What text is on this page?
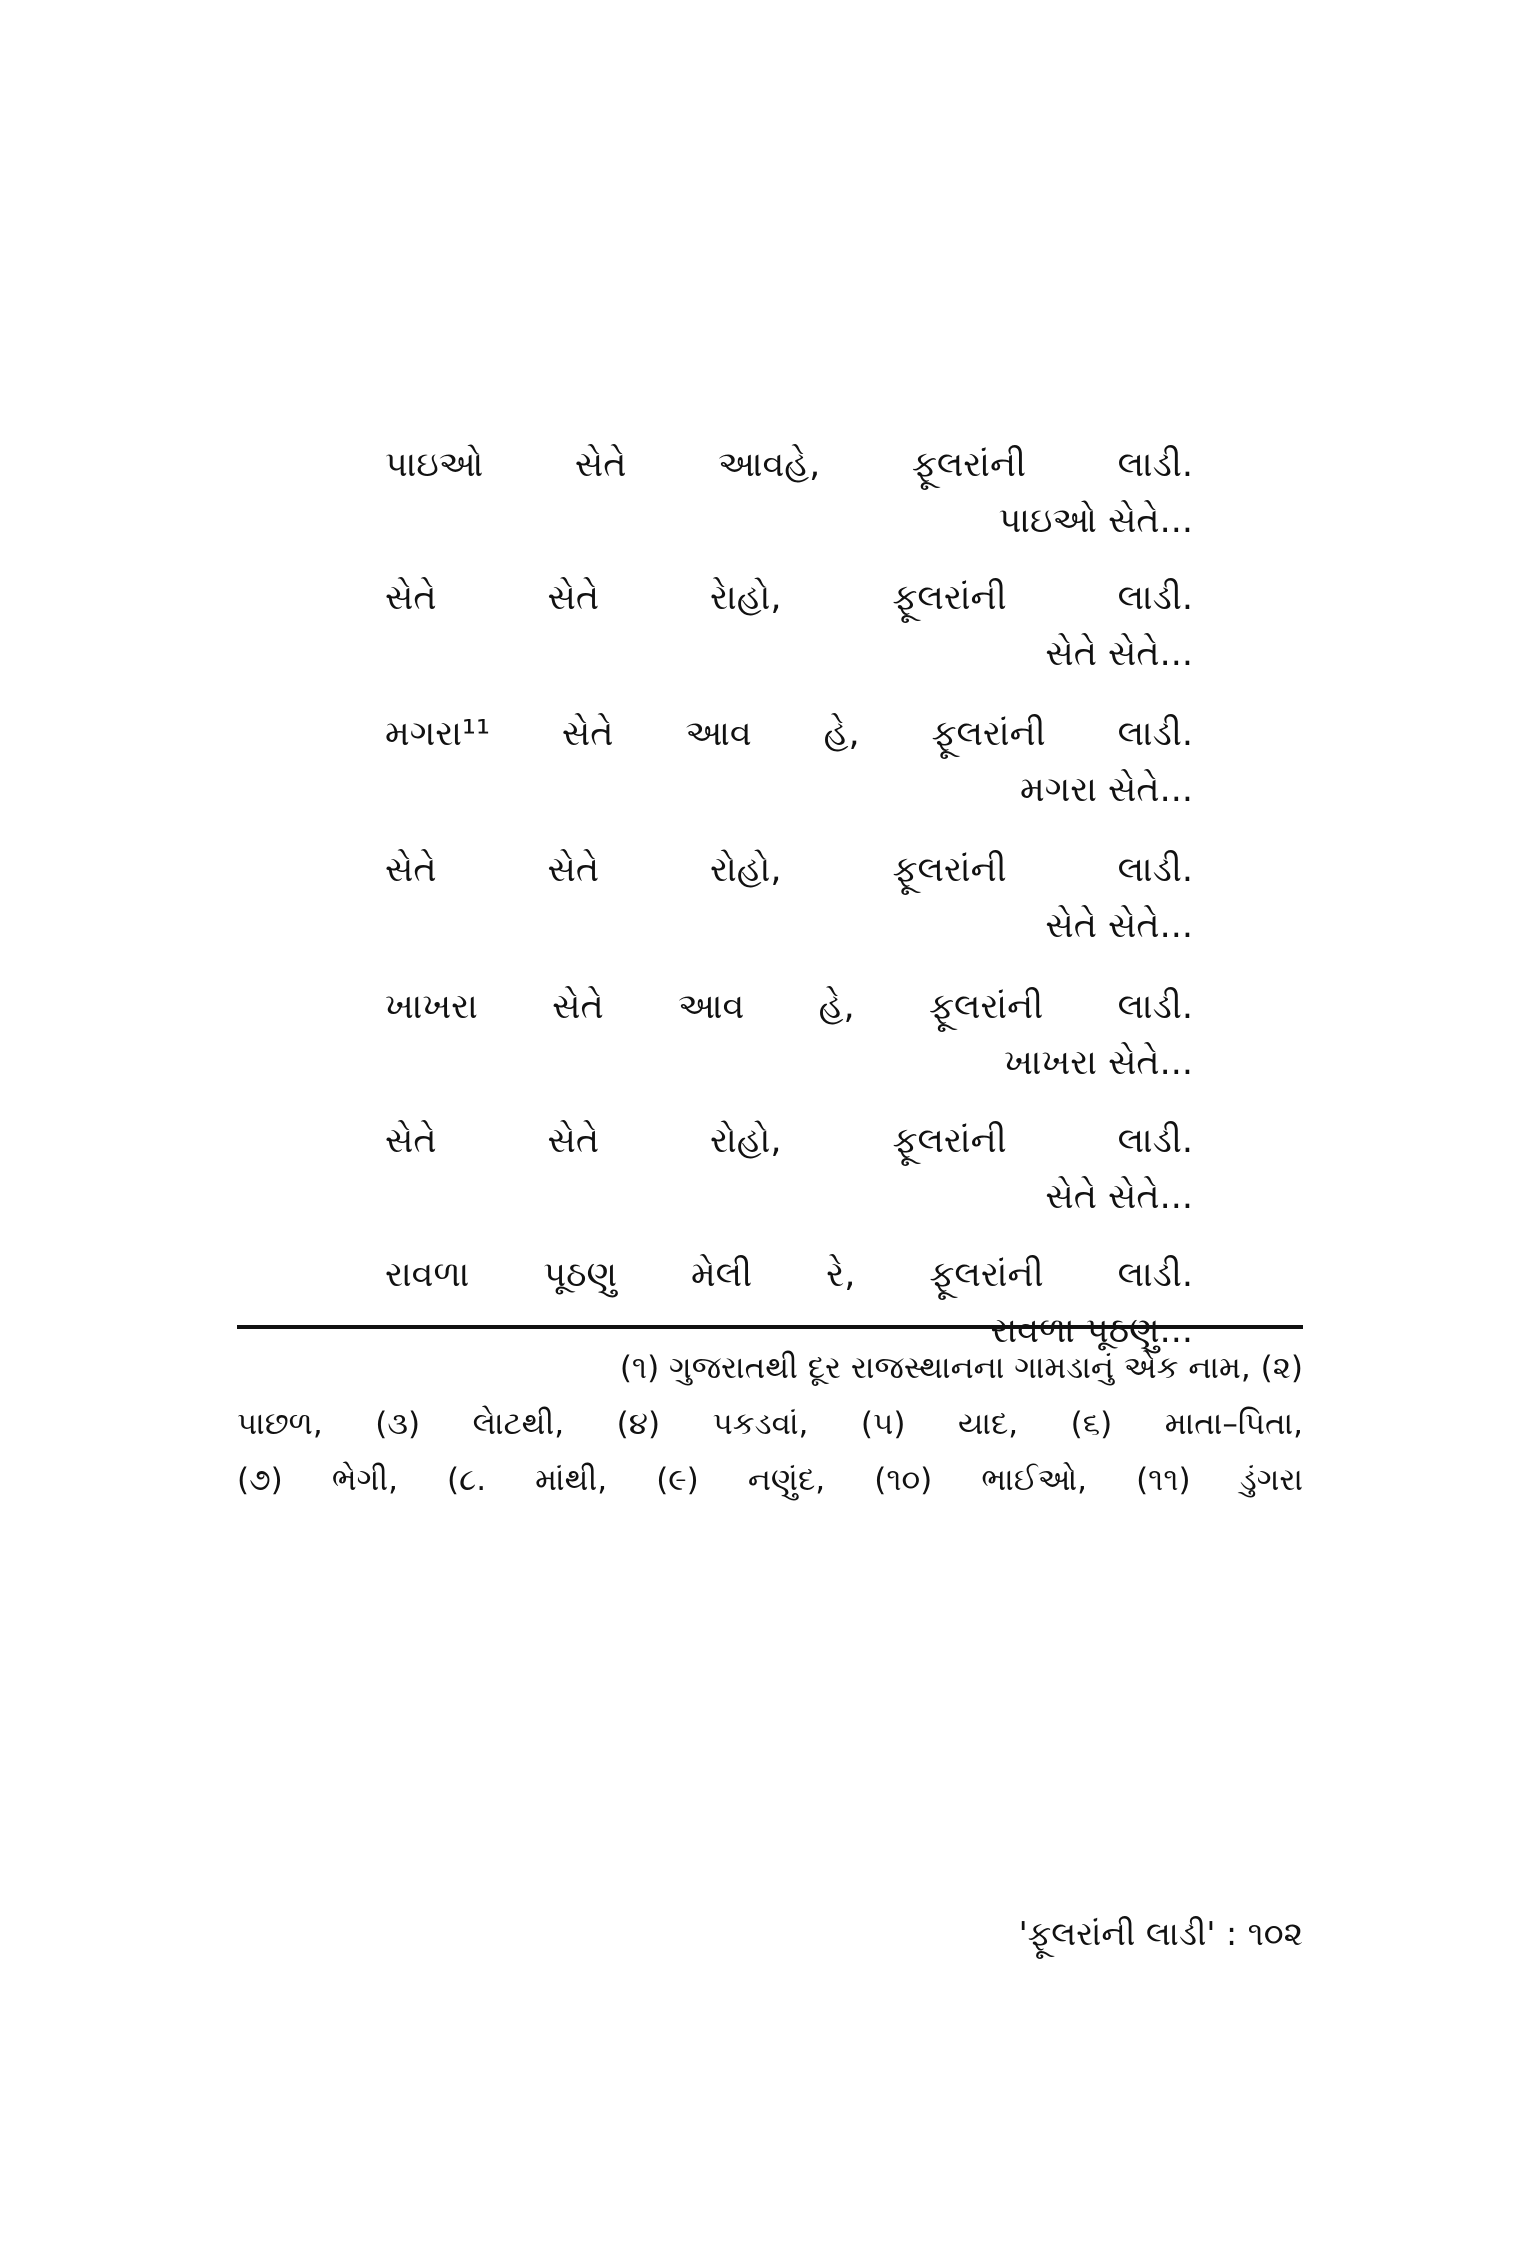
પાઇઓ	સેતે	આવહે,	ફૂલરાંની	લાડી.
પાઇઓ સેતે...
સેતે	સેતે	રેાહો,	ફૂલરાંની	લાડી.
સેતે સેતે...
મગરા¹¹ સેતે આવ હે, ફૂલરાંની લાડી.
મગરા સેતે...
સેતે	સેતે	રોહો,	ફૂલરાંની	લાડી.
સેતે સેતે...
ખાખરા સેતે આવ હે, ફૂલરાંની લાડી.
ખાખરા સેતે...
સેતે	સેતે	રોહો,	ફૂલરાંની	લાડી.
સેતે સેતે...
રાવળા પૂઠણુ મેલી રે, ફૂલરાંની લાડી.
રાવળા પૂઠણુ...
(૧) ગુજરાતથી દૂર રાજસ્થાનના ગામડાનું એક નામ, (૨)
પાછળ, (૩) લેાટથી, (૪) પકડવાં, (૫) યાદ, (૬) માતા–પિતા,
(૭) ભેગી, (૮. માંથી, (૯) નણુંદ, (૧૦) ભાઈઓ, (૧૧) ડુંગરા
'ફૂલરાંની લાડી' : ૧૦૨
